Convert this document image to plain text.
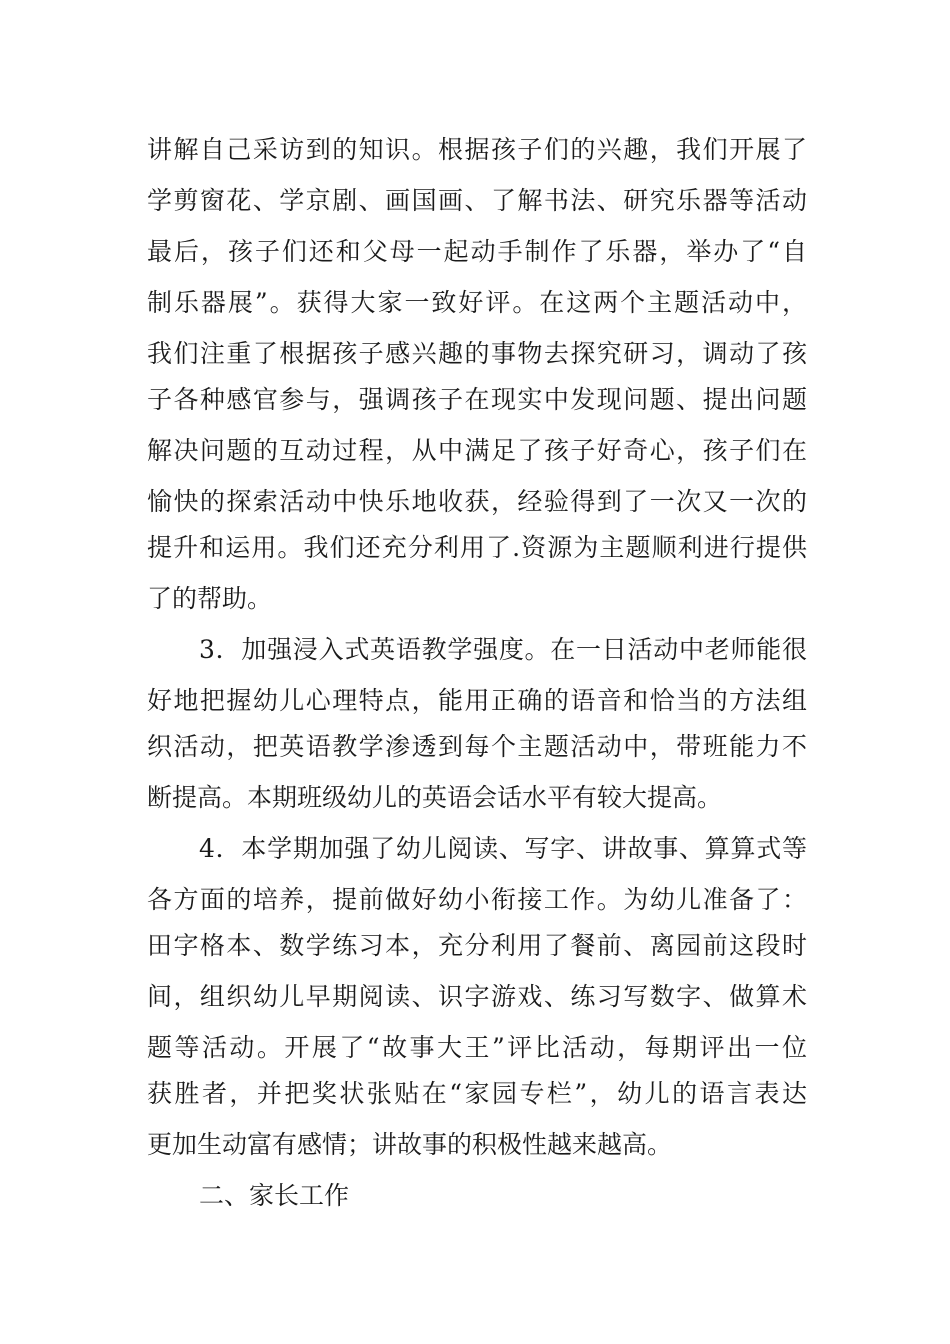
讲解自己采访到的知识。根据孩子们的兴趣，我们开展了
学剪窗花、学京剧、画国画、了解书法、研究乐器等活动
最后，孩子们还和父母一起动手制作了乐器，举办了“自
制乐器展”。获得大家一致好评。在这两个主题活动中，
我们注重了根据孩子感兴趣的事物去探究研习，调动了孩
子各种感官参与，强调孩子在现实中发现问题、提出问题
解决问题的互动过程，从中满足了孩子好奇心，孩子们在
愉快的探索活动中快乐地收获，经验得到了一次又一次的
提升和运用。我们还充分利用了.资源为主题顺利进行提供
了的帮助。
3．加强浸入式英语教学强度。在一日活动中老师能很
好地把握幼儿心理特点，能用正确的语音和恰当的方法组
织活动，把英语教学渗透到每个主题活动中，带班能力不
断提高。本期班级幼儿的英语会话水平有较大提高。
4．本学期加强了幼儿阅读、写字、讲故事、算算式等
各方面的培养，提前做好幼小衔接工作。为幼儿准备了：
田字格本、数学练习本，充分利用了餐前、离园前这段时
间，组织幼儿早期阅读、识字游戏、练习写数字、做算术
题等活动。开展了“故事大王”评比活动，每期评出一位
获胜者，并把奖状张贴在“家园专栏”，幼儿的语言表达
更加生动富有感情；讲故事的积极性越来越高。
二、家长工作
